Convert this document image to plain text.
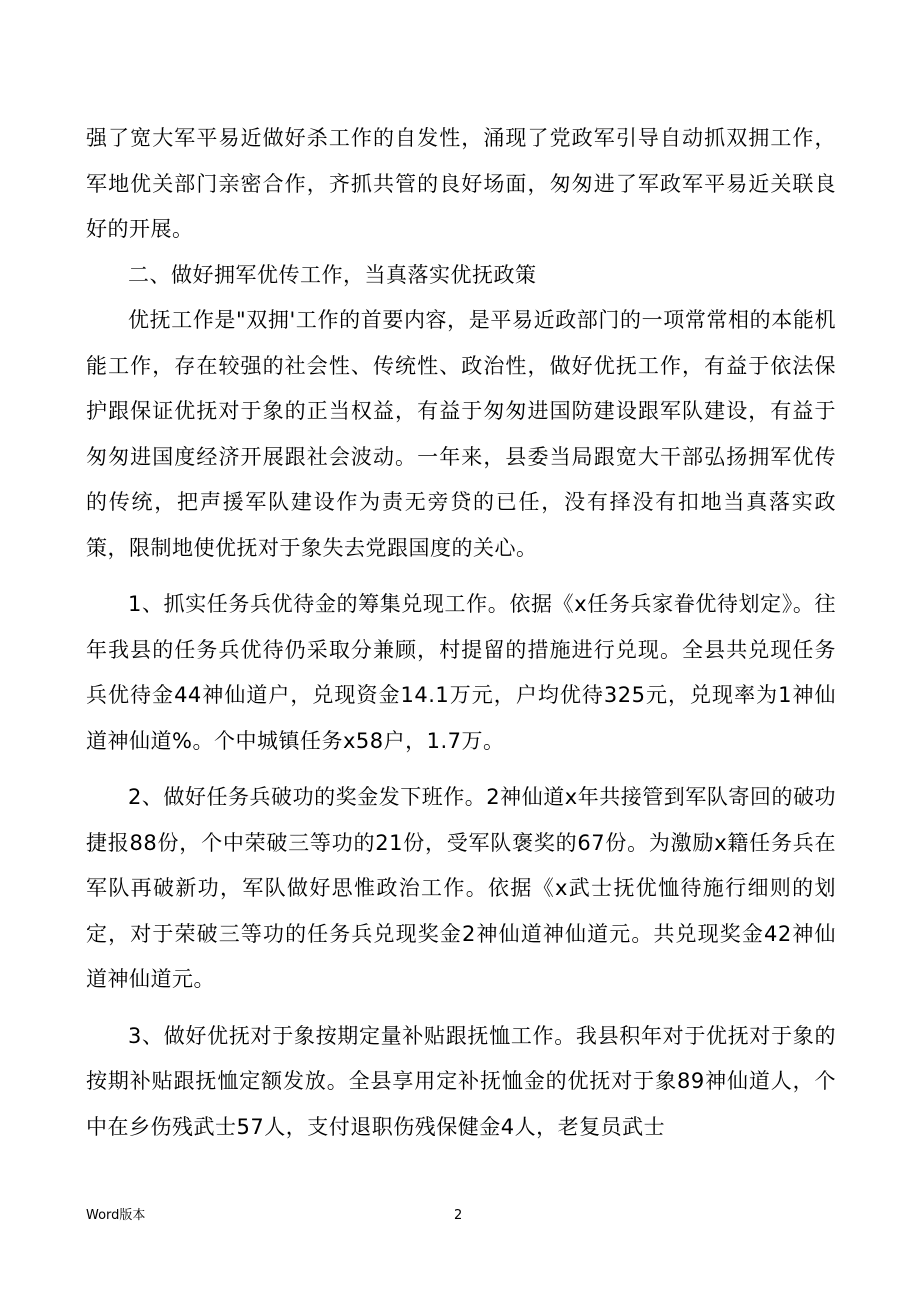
强了宽大军平易近做好杀工作的自发性，涌现了党政军引导自动抓双拥工作，军地优关部门亲密合作，齐抓共管的良好场面，匆匆进了军政军平易近关联良好的开展。

二、做好拥军优传工作，当真落实优抚政策

优抚工作是"双拥'工作的首要内容，是平易近政部门的一项常常相的本能机能工作，存在较强的社会性、传统性、政治性，做好优抚工作，有益于依法保护跟保证优抚对于象的正当权益，有益于匆匆进国防建设跟军队建设，有益于匆匆进国度经济开展跟社会波动。一年来，县委当局跟宽大干部弘扬拥军优传的传统，把声援军队建设作为责无旁贷的已任，没有择没有扣地当真落实政策，限制地使优抚对于象失去党跟国度的关心。

1、抓实任务兵优待金的筹集兑现工作。依据《x任务兵家眷优待划定》。往年我县的任务兵优待仍采取分兼顾，村提留的措施进行兑现。全县共兑现任务兵优待金44神仙道户，兑现资金14.1万元，户均优待325元，兑现率为1神仙道神仙道%。个中城镇任务x58户，1.7万。

2、做好任务兵破功的奖金发下班作。2神仙道x年共接管到军队寄回的破功捷报88份，个中荣破三等功的21份，受军队褒奖的67份。为激励x籍任务兵在军队再破新功，军队做好思惟政治工作。依据《x武士抚优恤待施行细则的划定，对于荣破三等功的任务兵兑现奖金2神仙道神仙道元。共兑现奖金42神仙道神仙道元。

3、做好优抚对于象按期定量补贴跟抚恤工作。我县积年对于优抚对于象的按期补贴跟抚恤定额发放。全县享用定补抚恤金的优抚对于象89神仙道人，个中在乡伤残武士57人，支付退职伤残保健金4人，老复员武士

Word版本	2
